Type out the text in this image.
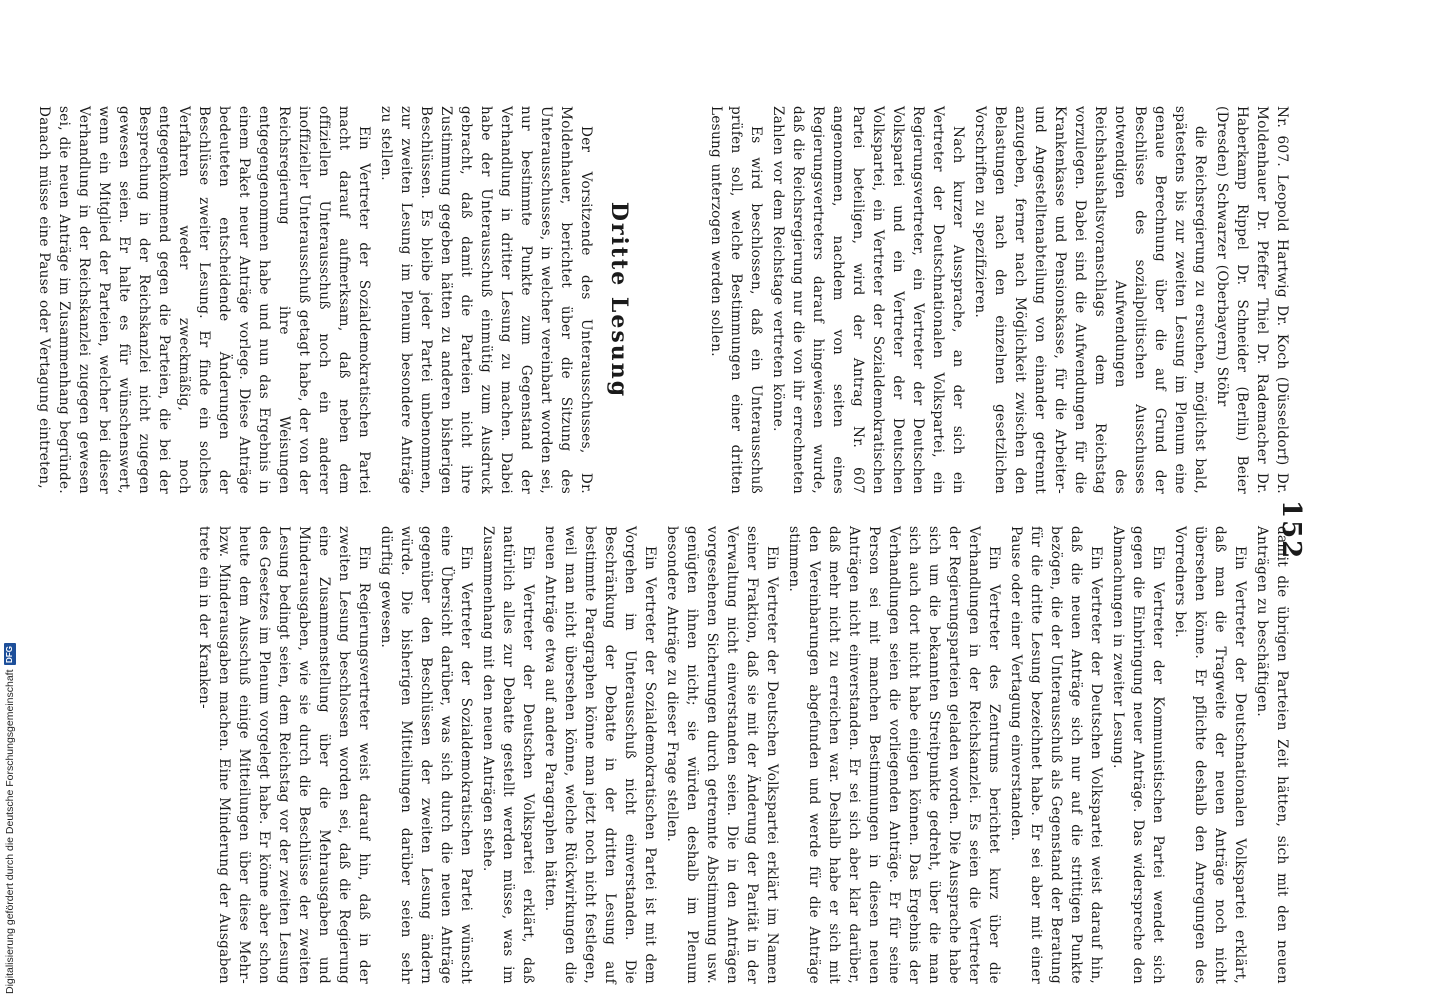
152

damit die übrigen Parteien Zeit hätten, sich mit den neuen Anträgen zu beschäftigen.

Ein Vertreter der Deutschnationalen Volkspartei erklärt, daß man die Tragweite der neuen Anträge noch nicht übersehen könne. Er pflichte deshalb den Anregungen des Vorredners bei.

Ein Vertreter der Kommunistischen Partei wendet sich gegen die Einbringung neuer Anträge. Das widerspreche den Abmachungen in zweiter Lesung.

Ein Vertreter der Deutschen Volkspartei weist darauf hin, daß die neuen Anträge sich nur auf die strittigen Punkte bezögen, die der Unterausschuß als Gegenstand der Beratung für die dritte Lesung bezeichnet habe. Er sei aber mit einer Pause oder einer Vertagung einverstanden.

Ein Vertreter des Zentrums berichtet kurz über die Verhandlungen in der Reichskanzlei. Es seien die Vertreter der Regierungsparteien geladen worden. Die Aussprache habe sich um die bekannten Streitpunkte gedreht, über die man sich auch dort nicht habe einigen können. Das Ergebnis der Verhandlungen seien die vorliegenden Anträge. Er für seine Person sei mit manchen Bestimmungen in diesen neuen Anträgen nicht einverstanden. Er sei sich aber klar darüber, daß mehr nicht zu erreichen war. Deshalb habe er sich mit den Vereinbarungen abgefunden und werde für die Anträge stimmen.

Ein Vertreter der Deutschen Volkspartei erklärt im Namen seiner Fraktion, daß sie mit der Änderung der Parität in der Verwaltung nicht einverstanden seien. Die in den Anträgen vorgesehenen Sicherungen durch getrennte Abstimmung usw. genügten ihnen nicht; sie würden deshalb im Plenum besondere Anträge zu dieser Frage stellen.

Ein Vertreter der Sozialdemokratischen Partei ist mit dem Vorgehen im Unterausschuß nicht einverstanden. Die Beschränkung der Debatte in der dritten Lesung auf bestimmte Paragraphen könne man jetzt noch nicht festlegen, weil man nicht übersehen könne, welche Rückwirkungen die neuen Anträge etwa auf andere Paragraphen hätten.

Ein Vertreter der Deutschen Volkspartei erklärt, daß natürlich alles zur Debatte gestellt werden müsse, was im Zusammenhang mit den neuen Anträgen stehe.

Ein Vertreter der Sozialdemokratischen Partei wünscht eine Übersicht darüber, was sich durch die neuen Anträge gegenüber den Beschlüssen der zweiten Lesung ändern würde. Die bisherigen Mitteilungen darüber seien sehr dürftig gewesen.

Ein Regierungsvertreter weist darauf hin, daß in der zweiten Lesung beschlossen worden sei, daß die Regierung eine Zusammenstellung über die Mehrausgaben und Minderausgaben, wie sie durch die Beschlüsse der zweiten Lesung bedingt seien, dem Reichstag vor der zweiten Lesung des Gesetzes im Plenum vorgelegt habe. Er könne aber schon heute dem Ausschuß einige Mitteilungen über diese Mehr- bzw. Minderausgaben machen. Eine Minderung der Ausgaben trete ein in der Kranken-

Nr. 607. Leopold Hartwig Dr. Koch (Düsseldorf) Dr. Moldenhauer Dr. Pfeffer Thiel Dr. Rademacher Dr. Haberkamp Rippel Dr. Schneider (Berlin) Beier (Dresden) Schwarzer (Oberbayern) Stöhr

die Reichsregierung zu ersuchen, möglichst bald, spätestens bis zur zweiten Lesung im Plenum eine genaue Berechnung über die auf Grund der Beschlüsse des sozialpolitischen Ausschusses notwendigen Aufwendungen des Reichshaushaltsvoranschlags dem Reichstag vorzulegen. Dabei sind die Aufwendungen für die Krankenkasse und Pensionskasse, für die Arbeiter- und Angestelltenabteilung von einander getrennt anzugeben, ferner nach Möglichkeit zwischen den Belastungen nach den einzelnen gesetzlichen Vorschriften zu spezifizieren.

Nach kurzer Aussprache, an der sich ein Vertreter der Deutschnationalen Volkspartei, ein Regierungsvertreter, ein Vertreter der Deutschen Volkspartei und ein Vertreter der Deutschen Volkspartei, ein Vertreter der Sozialdemokratischen Partei beteiligen, wird der Antrag Nr. 607 angenommen, nachdem von seiten eines Regierungsvertreters darauf hingewiesen wurde, daß die Reichsregierung nur die von ihr errechneten Zahlen vor dem Reichstage vertreten könne.

Es wird beschlossen, daß ein Unterausschuß prüfen soll, welche Bestimmungen einer dritten Lesung unterzogen werden sollen.

Dritte Lesung

Der Vorsitzende des Unterausschusses, Dr. Moldenhauer, berichtet über die Sitzung des Unterausschusses, in welcher vereinbart worden sei, nur bestimmte Punkte zum Gegenstand der Verhandlung in dritter Lesung zu machen. Dabei habe der Unterausschuß einmütig zum Ausdruck gebracht, daß damit die Parteien nicht ihre Zustimmung gegeben hätten zu anderen bisherigen Beschlüssen. Es bleibe jeder Partei unbenommen, zur zweiten Lesung im Plenum besondere Anträge zu stellen.

Ein Vertreter der Sozialdemokratischen Partei macht darauf aufmerksam, daß neben dem offiziellen Unterausschuß noch ein anderer inoffizieller Unterausschuß getagt habe, der von der Reichsregierung ihre Weisungen entgegengenommen habe und nun das Ergebnis in einem Paket neuer Anträge vorlege. Diese Anträge bedeuteten entscheidende Änderungen der Beschlüsse zweiter Lesung. Er finde ein solches Verfahren weder zweckmäßig, noch entgegenkommend gegen die Parteien, die bei der Besprechung in der Reichskanzlei nicht zugegen gewesen seien. Er halte es für wünschenswert, wenn ein Mitglied der Parteien, welcher bei dieser Verhandlung in der Reichskanzlei zugegen gewesen sei, die neuen Anträge im Zusammenhang begründe. Danach müsse eine Pause oder Vertagung eintreten,

Digitalisierung gefördert durch die Deutsche Forschungsgemeinschaft
DFG
